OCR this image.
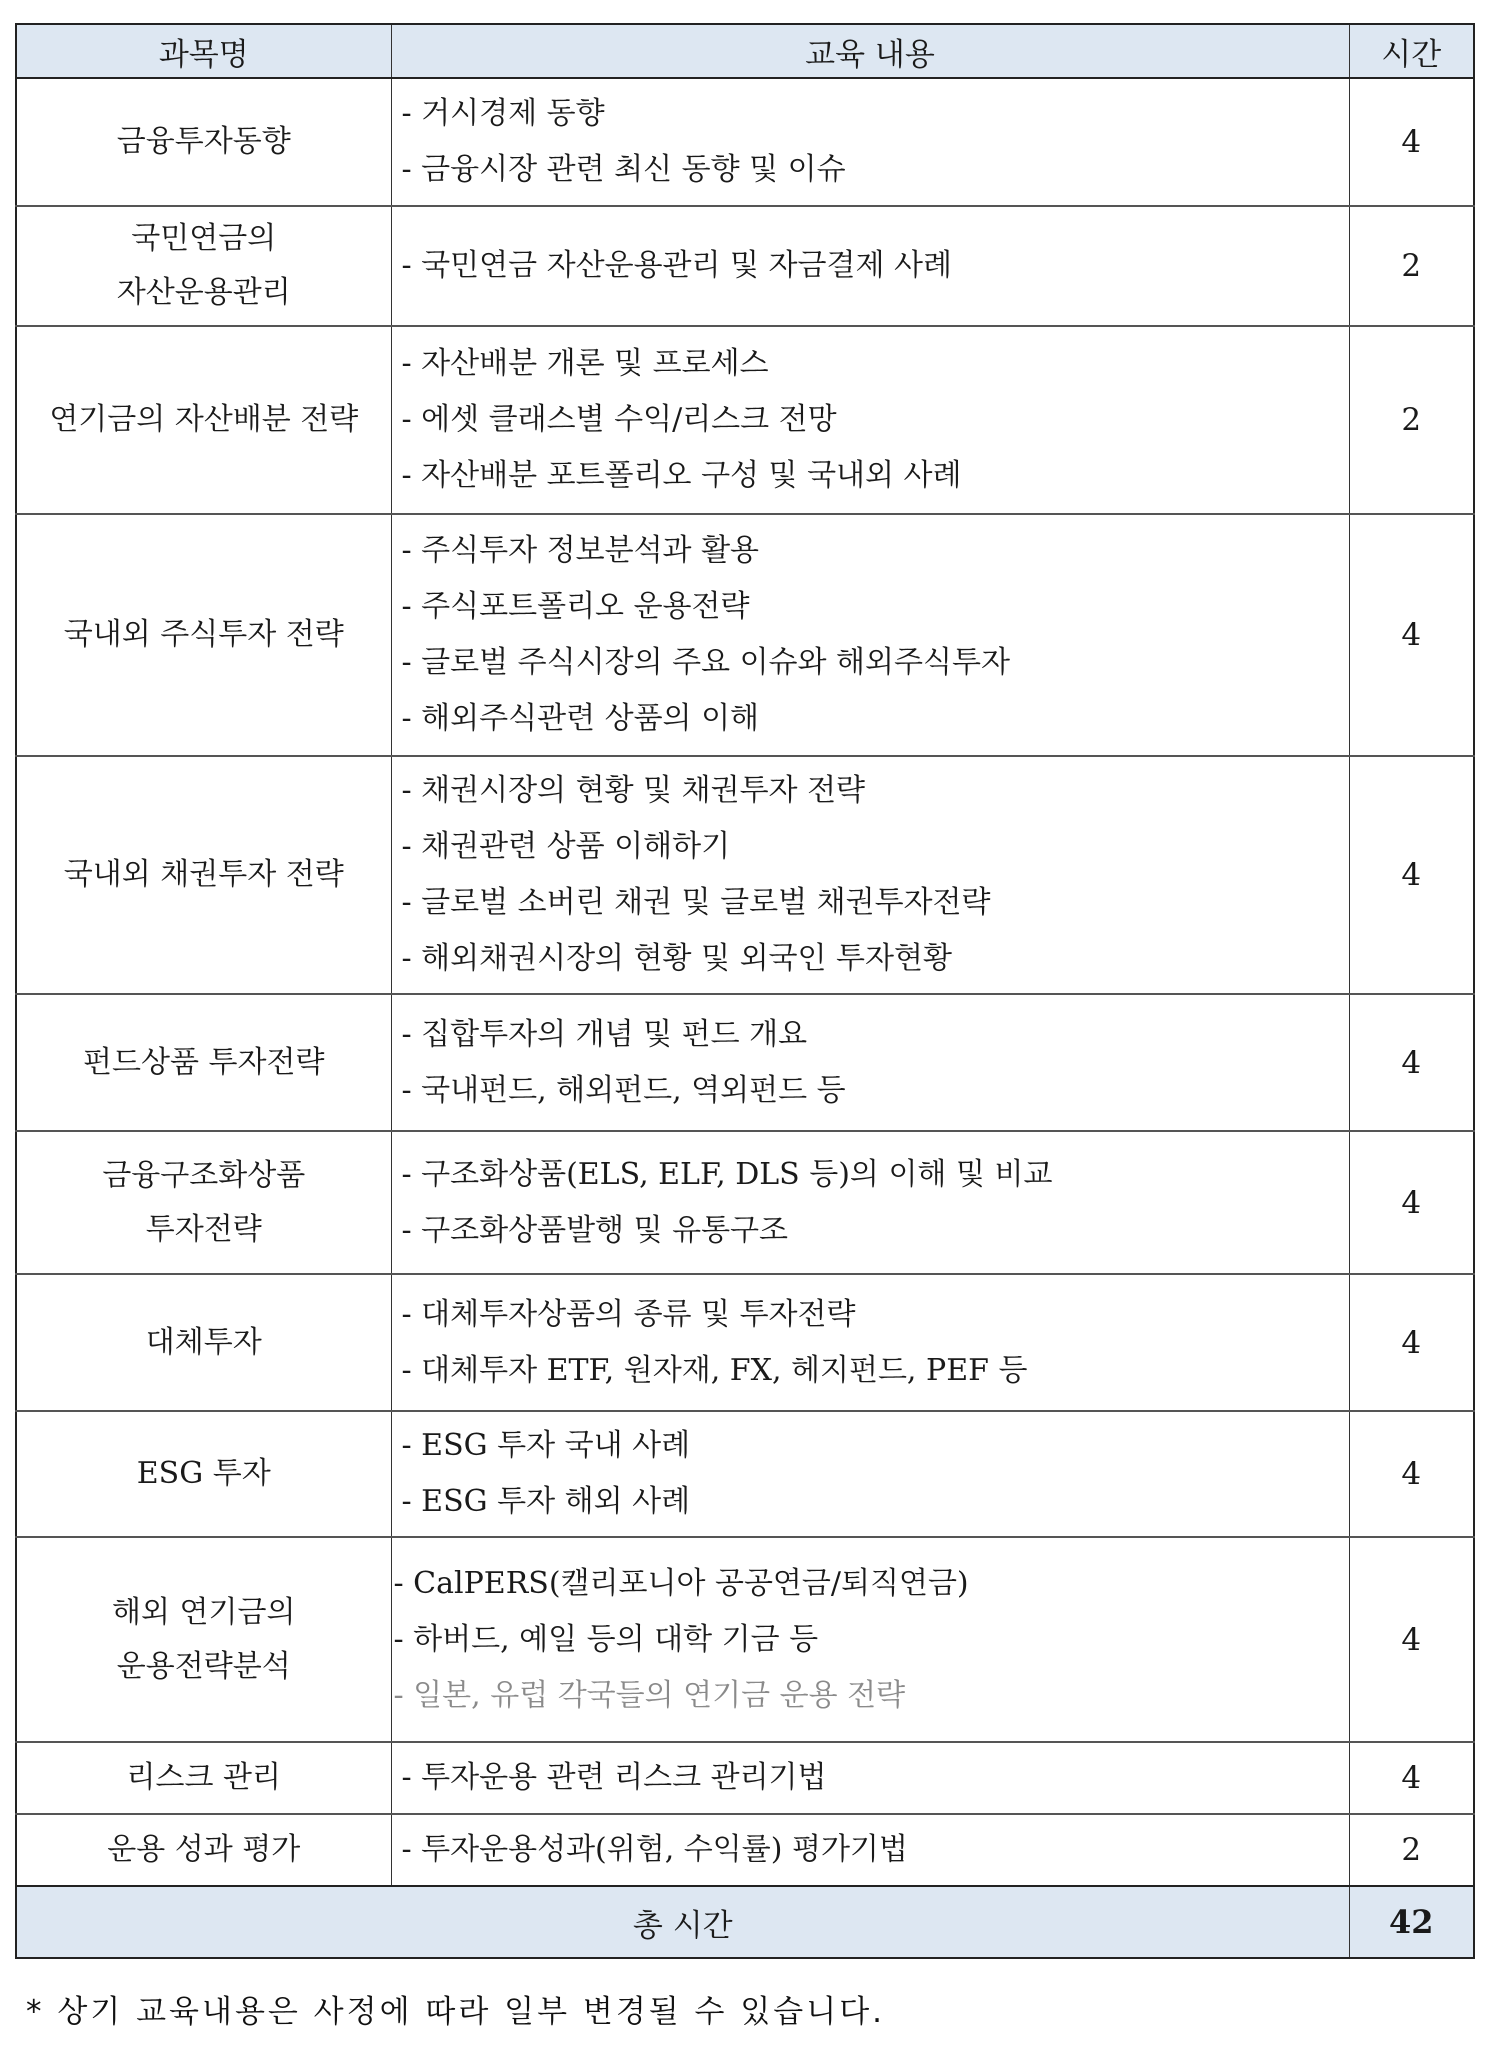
과목명	교육 내용	시간
금융투자동향	- 거시경제 동향
- 금융시장 관련 최신 동향 및 이슈	4
국민연금의 자산운용관리	- 국민연금 자산운용관리 및 자금결제 사례	2
연기금의 자산배분 전략	- 자산배분 개론 및 프로세스
- 에셋 클래스별 수익/리스크 전망
- 자산배분 포트폴리오 구성 및 국내외 사례	2
국내외 주식투자 전략	- 주식투자 정보분석과 활용
- 주식포트폴리오 운용전략
- 글로벌 주식시장의 주요 이슈와 해외주식투자
- 해외주식관련 상품의 이해	4
국내외 채권투자 전략	- 채권시장의 현황 및 채권투자 전략
- 채권관련 상품 이해하기
- 글로벌 소버린 채권 및 글로벌 채권투자전략
- 해외채권시장의 현황 및 외국인 투자현황	4
펀드상품 투자전략	- 집합투자의 개념 및 펀드 개요
- 국내펀드, 해외펀드, 역외펀드 등	4
금융구조화상품 투자전략	- 구조화상품(ELS, ELF, DLS 등)의 이해 및 비교
- 구조화상품발행 및 유통구조	4
대체투자	- 대체투자상품의 종류 및 투자전략
- 대체투자 ETF, 원자재, FX, 헤지펀드, PEF 등	4
ESG 투자	- ESG 투자 국내 사례
- ESG 투자 해외 사례	4
해외 연기금의 운용전략분석	- CalPERS(캘리포니아 공공연금/퇴직연금)
- 하버드, 예일 등의 대학 기금 등
- 일본, 유럽 각국들의 연기금 운용 전략	4
리스크 관리	- 투자운용 관련 리스크 관리기법	4
운용 성과 평가	- 투자운용성과(위험, 수익률) 평가기법	2
총 시간		42
* 상기 교육내용은 사정에 따라 일부 변경될 수 있습니다.
